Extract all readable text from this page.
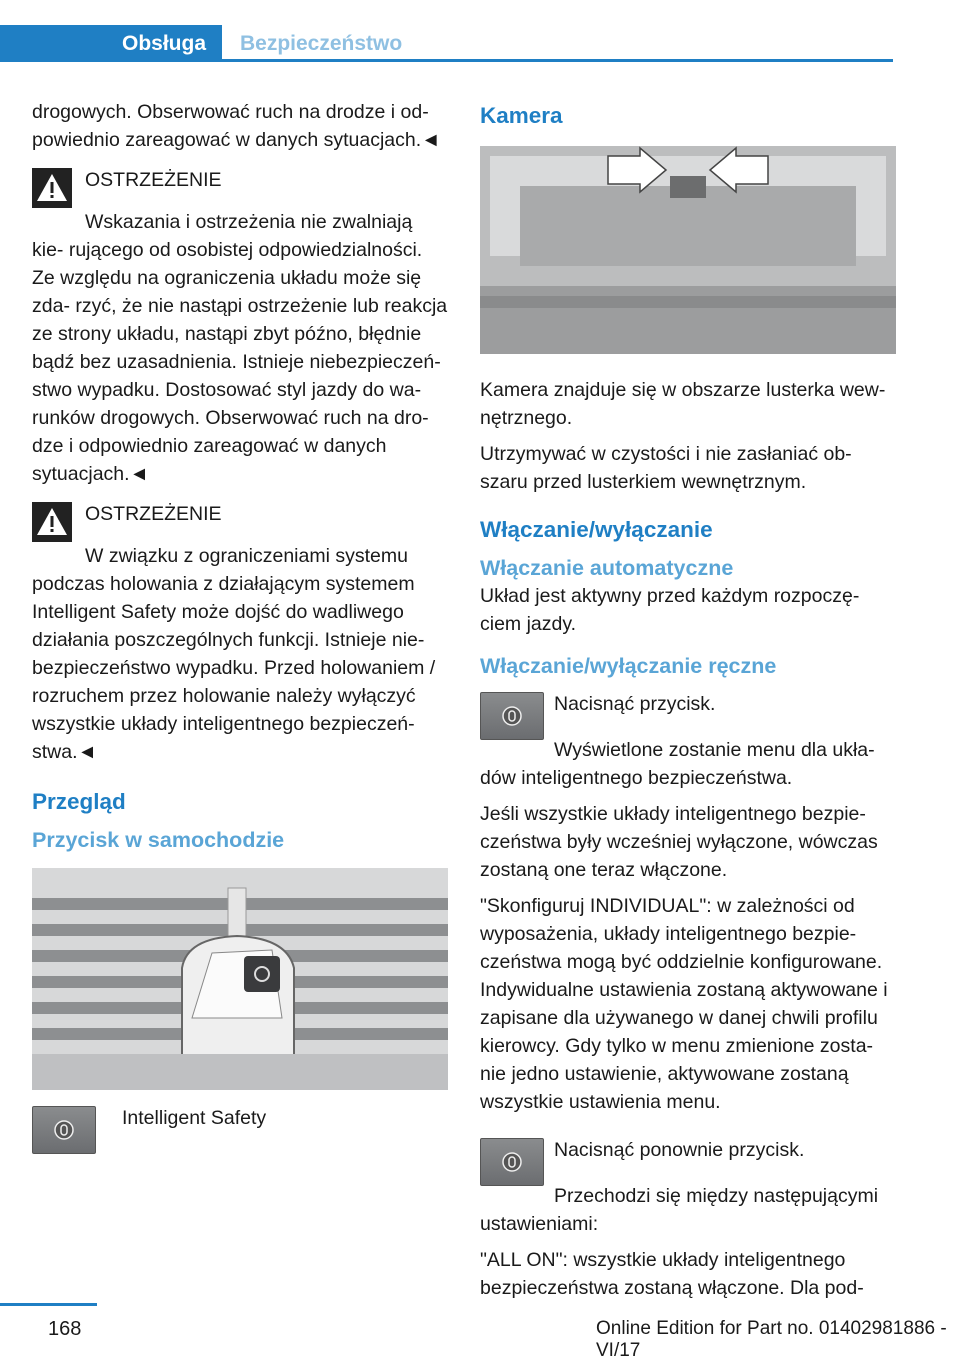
Obsługa	Bezpieczeństwo

drogowych. Obserwować ruch na drodze i od- powiednio zareagować w danych sytuacjach.◄

OSTRZEŻENIE

Wskazania i ostrzeżenia nie zwalniają kie- rującego od osobistej odpowiedzialności. Ze względu na ograniczenia układu może się zda- rzyć, że nie nastąpi ostrzeżenie lub reakcja ze strony układu, nastąpi zbyt późno, błędnie bądź bez uzasadnienia. Istnieje niebezpieczeń- stwo wypadku. Dostosować styl jazdy do wa- runków drogowych. Obserwować ruch na dro- dze i odpowiednio zareagować w danych sytuacjach.◄

OSTRZEŻENIE

W związku z ograniczeniami systemu podczas holowania z działającym systemem Intelligent Safety może dojść do wadliwego działania poszczególnych funkcji. Istnieje nie- bezpieczeństwo wypadku. Przed holowaniem / rozruchem przez holowanie należy wyłączyć wszystkie układy inteligentnego bezpieczeń- stwa.◄

Przegląd
Przycisk w samochodzie
Intelligent Safety
Kamera

Kamera znajduje się w obszarze lusterka wew- nętrznego.

Utrzymywać w czystości i nie zasłaniać ob- szaru przed lusterkiem wewnętrznym.

Włączanie/wyłączanie
Włączanie automatyczne

Układ jest aktywny przed każdym rozpoczę- ciem jazdy.

Włączanie/wyłączanie ręczne

Nacisnąć przycisk.

Wyświetlone zostanie menu dla ukła- dów inteligentnego bezpieczeństwa.

Jeśli wszystkie układy inteligentnego bezpie- czeństwa były wcześniej wyłączone, wówczas zostaną one teraz włączone.

"Skonfiguruj INDIVIDUAL": w zależności od wyposażenia, układy inteligentnego bezpie- czeństwa mogą być oddzielnie konfigurowane. Indywidualne ustawienia zostaną aktywowane i zapisane dla używanego w danej chwili profilu kierowcy. Gdy tylko w menu zmienione zosta- nie jedno ustawienie, aktywowane zostaną wszystkie ustawienia menu.

Nacisnąć ponownie przycisk.

Przechodzi się między następującymi ustawieniami:

"ALL ON": wszystkie układy inteligentnego bezpieczeństwa zostaną włączone. Dla pod-

168	Online Edition for Part no. 01402981886 - VI/17
